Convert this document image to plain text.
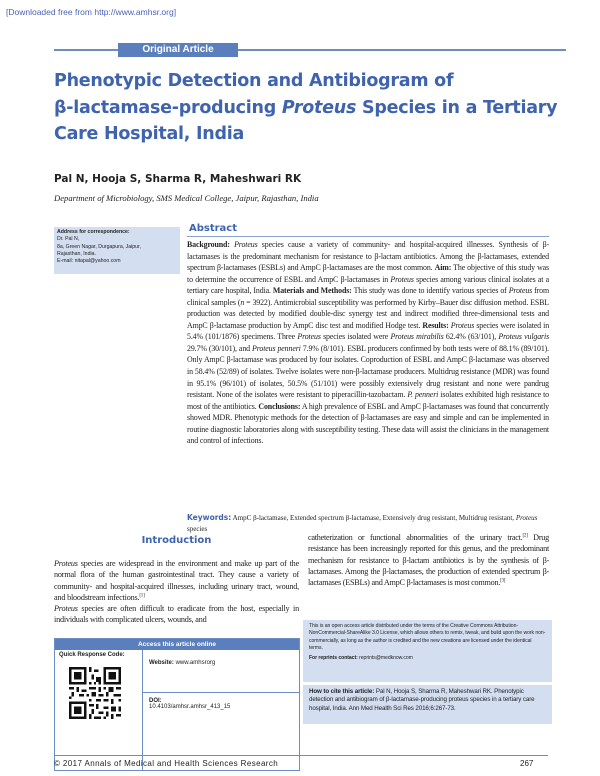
[Downloaded free from http://www.amhsr.org]
Original Article
Phenotypic Detection and Antibiogram of
β-lactamase-producing Proteus Species in a Tertiary
Care Hospital, India
Pal N, Hooja S, Sharma R, Maheshwari RK
Department of Microbiology, SMS Medical College, Jaipur, Rajasthan, India
Address for correspondence:
Dr. Pal N,
8a, Green Nagar, Durgapura, Jaipur,
Rajasthan, India.
E-mail: nitapal@yahoo.com
Abstract
Background: Proteus species cause a variety of community- and hospital-acquired illnesses. Synthesis of β-lactamases is the predominant mechanism for resistance to β-lactam antibiotics. Among the β-lactamases, extended spectrum β-lactamases (ESBLs) and AmpC β-lactamases are the most common. Aim: The objective of this study was to determine the occurrence of ESBL and AmpC β-lactamases in Proteus species among various clinical isolates at a tertiary care hospital, India. Materials and Methods: This study was done to identify various species of Proteus from clinical samples (n = 3922). Antimicrobial susceptibility was performed by Kirby–Bauer disc diffusion method. ESBL production was detected by modified double-disc synergy test and indirect modified three-dimensional tests and AmpC β-lactamase production by AmpC disc test and modified Hodge test. Results: Proteus species were isolated in 5.4% (101/1876) specimens. Three Proteus species isolated were Proteus mirabilis 62.4% (63/101), Proteus vulgaris 29.7% (30/101), and Proteus penneri 7.9% (8/101). ESBL producers confirmed by both tests were of 88.1% (89/101). Only AmpC β-lactamase was produced by four isolates. Coproduction of ESBL and AmpC β-lactamase was observed in 58.4% (52/89) of isolates. Twelve isolates were non-β-lactamase producers. Multidrug resistance (MDR) was found in 95.1% (96/101) of isolates, 50.5% (51/101) were possibly extensively drug resistant and none were pandrug resistant. None of the isolates were resistant to piperacillin-tazobactam. P. penneri isolates exhibited high resistance to most of the antibiotics. Conclusions: A high prevalence of ESBL and AmpC β-lactamases was found that concurrently showed MDR. Phenotypic methods for the detection of β-lactamases are easy and simple and can be implemented in routine diagnostic laboratories along with susceptibility testing. These data will assist the clinicians in the management and control of infections.
Keywords: AmpC β-lactamase, Extended spectrum β-lactamase, Extensively drug resistant, Multidrug resistant, Proteus species
Introduction
Proteus species are widespread in the environment and make up part of the normal flora of the human gastrointestinal tract. They cause a variety of community- and hospital-acquired illnesses, including urinary tract, wound, and bloodstream infections.[1]
Proteus species are often difficult to eradicate from the host, especially in individuals with complicated ulcers, wounds, and
catheterization or functional abnormalities of the urinary tract.[2] Drug resistance has been increasingly reported for this genus, and the predominant mechanism for resistance to β-lactam antibiotics is by the synthesis of β-lactamases. Among the β-lactamases, the production of extended spectrum β-lactamases (ESBLs) and AmpC β-lactamases is most common.[3]
Access this article online
Quick Response Code:
Website: www.amhsrorg
DOI:
10.4103/amhsr.amhsr_413_15
This is an open access article distributed under the terms of the Creative Commons Attribution-NonCommercial-ShareAlike 3.0 License, which allows others to remix, tweak, and build upon the work non-commercially, as long as the author is credited and the new creations are licensed under the identical terms.
For reprints contact: reprints@medknow.com
How to cite this article: Pal N, Hooja S, Sharma R, Maheshwari RK. Phenotypic detection and antibiogram of β-lactamase-producing proteus species in a tertiary care hospital, India. Ann Med Health Sci Res 2016;6:267-73.
© 2017 Annals of Medical and Health Sciences Research	267
